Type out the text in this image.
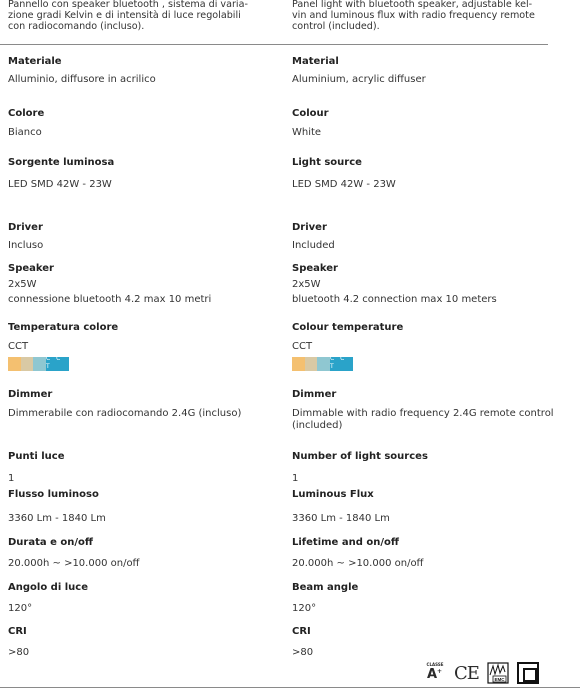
Pannello con speaker bluetooth , sistema di varia-
zione gradi Kelvin e di intensità di luce regolabili
con radiocomando (incluso).
Panel light with bluetooth speaker, adjustable kel-
vin and luminous flux with radio frequency remote
control (included).
Materiale
Alluminio, diffusore in acrilico
Colore
Bianco
Sorgente luminosa
LED SMD 42W - 23W
Driver
Incluso
Speaker
2x5W
connessione bluetooth 4.2 max 10 metri
Temperatura colore
CCT
C C T
Dimmer
Dimmerabile con radiocomando 2.4G (incluso)
Punti luce
1
Flusso luminoso
3360 Lm - 1840 Lm
Durata e on/off
20.000h ~ >10.000 on/off
Angolo di luce
120°
CRI
>80
Material
Aluminium, acrylic diffuser
Colour
White
Light source
LED SMD 42W - 23W
Driver
Included
Speaker
2x5W
bluetooth 4.2 connection max 10 meters
Colour temperature
CCT
C C T
Dimmer
Dimmable with radio frequency 2.4G remote control
(included)
Number of light sources
1
Luminous Flux
3360 Lm - 1840 Lm
Lifetime and on/off
20.000h ~ >10.000 on/off
Beam angle
120°
CRI
>80
CLASSE
A + CE	EMC
